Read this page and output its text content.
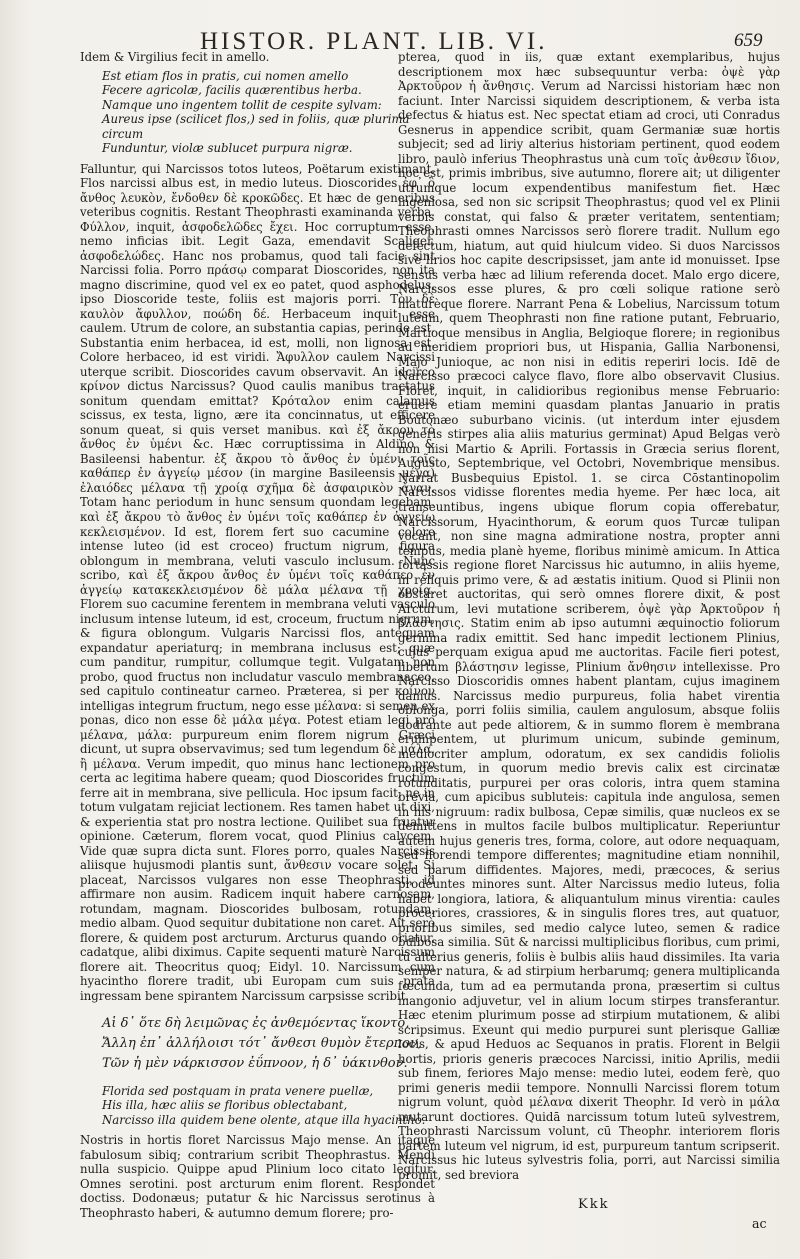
HISTOR. PLANT. LIB. VI.	659

Idem & Virgilius fecit in amello.

Est etiam flos in pratis, cui nomen amello
Fecere agricolæ, facilis quærentibus herba.
Namque uno ingentem tollit de cespite sylvam:
Aureus ipse (scilicet flos,) sed in foliis, quæ plurima circum
Funduntur, violæ sublucet purpura nigræ.

Falluntur, qui Narcissos totos luteos, Poëtarum existimant. Flos narcissi albus est, in medio luteus. Dioscorides ἐφ᾽ ὃ ἄνθος λευκὸν, ἔνδοθεν δὲ κροκῶδες. Et hæc de generibus veteribus cognitis. Restant Theophrasti examinanda verba. Φύλλον, inquit, ἀσφοδελῶδες ἔχει. Hoc corruptum esse, nemo inficias ibit. Legit Gaza, emendavit Scaliger, ἀσφοδελώδες. Hanc nos probamus, quod tali facie sint Narcissi folia. Porro πράσῳ comparat Dioscorides, non ita magno discrimine, quod vel ex eo patet, quod asphodelus, ipso Dioscoride teste, foliis est majoris porri. Τὸν δὲ καυλὸν ἄφυλλον, ποώδη δέ. Herbaceum inquit esse caulem. Utrum de colore, an substantia capias, perinde est. Substantia enim herbacea, id est, molli, non lignosa est. Colore herbaceo, id est viridi. Ἄφυλλον caulem Narcissi uterque scribit. Dioscorides cavum observavit. An idcirco κρίνον dictus Narcissus? Quod caulis manibus tractatus sonitum quendam emittat? Κρόταλον enim calamus scissus, ex testa, ligno, ære ita concinnatus, ut efficere sonum queat, si quis verset manibus. καὶ ἐξ ἄκρου τὸ ἄνθος ἐν ὑμένι &c. Hæc corruptissima in Aldino & Basileensi habentur. ἐξ ἄκρου τὸ ἄνθος ἐν ὑμένι τοῖς καθάπερ ἐν ἀγγείῳ μέσον (in margine Basileensis μέγα) ἐλαιόδες μέλανα τῇ χροίᾳ σχῆμα δὲ ἀσφαιρικὸν ἄγαν. Totam hanc periodum in hunc sensum quondam legebam. καὶ ἐξ ἄκρου τὸ ἄνθος ἐν ὑμένι τοῖς καθάπερ ἐν ἀγγείῳ κεκλεισμένον. Id est, florem fert suo cacumine colore intense luteo (id est croceo) fructum nigrum, figura oblongum in membrana, veluti vasculo inclusum. Nunc scribo, καὶ ἐξ ἄκρου ἄνθος ἐν ὑμένι τοῖς καθάπερ ἐν ἀγγείῳ κατακεκλεισμένον δὲ μάλα μέλανα τῇ χροίᾳ. Florem suo cacumine ferentem in membrana veluti vasculo inclusum intense luteum, id est, croceum, fructum nigrum, & figura oblongum. Vulgaris Narcissi flos, antequam expandatur aperiaturq; in membrana inclusus est; quæ cum panditur, rumpitur, collumque tegit. Vulgatam non probo, quod fructus non includatur vasculo membranaceo, sed capitulo contineatur carneo. Præterea, si per κρίνον intelligas integrum fructum, nego esse μέλανα: si semen ex ponas, dico non esse δὲ μάλα μέγα. Potest etiam legi pro μέλανα, μάλα: purpureum enim florem nigrum Græci dicunt, ut supra observavimus; sed tum legendum δὲ μάλα. ἢ μέλανα. Verum impedit, quo minus hanc lectionem pro certa ac legitima habere queam; quod Dioscorides fructum ferre ait in membrana, sive pellicula. Hoc ipsum facit, ne in totum vulgatam rejiciat lectionem. Res tamen habet ut dixi, & experientia stat pro nostra lectione. Quilibet sua fruatur opinione. Cæterum, florem vocat, quod Plinius calycem. Vide quæ supra dicta sunt. Flores porro, quales Narcissis aliisque hujusmodi plantis sunt, ἄνθεσιν vocare solet. Si placeat, Narcissos vulgares non esse Theophrasti, id affirmare non ausim. Radicem inquit habere carnosam, rotundam, magnam. Dioscorides bulbosam, rotundam, medio albam. Quod sequitur dubitatione non caret. Ait serò florere, & quidem post arcturum. Arcturus quando oriatur, cadatque, alibi diximus. Capite sequenti maturè Narcissum florere ait. Theocritus quoq; Eidyl. 10. Narcissum cum hyacintho florere tradit, ubi Europam cum suis prata ingressam bene spirantem Narcissum carpsisse scribit.

Αἱ δ᾽ ὅτε δὴ λειμῶνας ἐς ἀνθεμόεντας ἵκοντο,
Ἄλλη ἐπ᾽ ἀλλήλοισι τότ᾽ ἄνθεσι θυμὸν ἔτερπον,
Τῶν ἡ μὲν νάρκισσον ἐΰπνοον, ἡ δ᾽ ὑάκινθον.
Florida sed postquam in prata venere puellæ,
His illa, hæc aliis se floribus oblectabant,
Narcisso illa quidem bene olente, atque illa hyacintho.

Nostris in hortis floret Narcissus Majo mense. An itaque fabulosum sibiq; contrarium scribit Theophrastus. Mendi nulla suspicio. Quippe apud Plinium loco citato legitur. Omnes serotini. post arcturum enim florent. Respondet doctiss. Dodonæus; putatur & hic Narcissus serotinus à Theophrasto haberi, & autumno demum florere; pro-

pterea, quod in iis, quæ extant exemplaribus, hujus descriptionem mox hæc subsequuntur verba: ὀψὲ γὰρ Ἀρκτοῦρον ἡ ἄνθησις. Verum ad Narcissi historiam hæc non faciunt. Inter Narcissi siquidem descriptionem, & verba ista defectus & hiatus est. Nec spectat etiam ad croci, uti Conradus Gesnerus in appendice scribit, quam Germaniæ suæ hortis subjecit; sed ad liriy alterius historiam pertinent, quod eodem libro, paulò inferius Theophrastus unà cum τοῖς ἀνθεσιν ἴδιον, hoc est, primis imbribus, sive autumno, florere ait; ut diligenter utrumque locum expendentibus manifestum fiet. Hæc ingeniosa, sed non sic scripsit Theophrastus; quod vel ex Plinii verbis constat, qui falso & præter veritatem, sententiam; Theophrasti omnes Narcissos serò florere tradit. Nullum ego defectum, hiatum, aut quid hiulcum video. Si duos Narcissos sive lirios hoc capite descripsisset, jam ante id monuisset. Ipse sensus verba hæc ad lilium referenda docet. Malo ergo dicere, Narcissos esse plures, & pro cœli solique ratione serò maturèque florere. Narrant Pena & Lobelius, Narcissum totum luteum, quem Theophrasti non fine ratione putant, Februario, Martioque mensibus in Anglia, Belgioque florere; in regionibus ad meridiem propriori bus, ut Hispania, Gallia Narbonensi, Majo Junioque, ac non nisi in editis reperiri locis. Idē de Narcisso præcoci calyce flavo, flore albo observavit Clusius. Floret, inquit, in calidioribus regionibus mense Februario: eruere etiam memini quasdam plantas Januario in pratis Boutonæo suburbano vicinis. (ut interdum inter ejusdem generis stirpes alia aliis maturius germinat) Apud Belgas verò non nisi Martio & Aprili. Fortassis in Græcia serius florent, Augusto, Septembrique, vel Octobri, Novembrique mensibus. Narrat Busbequius Epistol. 1. se circa Cōstantinopolim Narcissos vidisse florentes media hyeme. Per hæc loca, ait transeuntibus, ingens ubique florum copia offerebatur, Narcissorum, Hyacinthorum, & eorum quos Turcæ tulipan vocant, non sine magna admiratione nostra, propter anni tempus, media planè hyeme, floribus minimè amicum. In Attica fortassis regione floret Narcissus hic autumno, in aliis hyeme, in reliquis primo vere, & ad æstatis initium. Quod si Plinii non obstaret auctoritas, qui serò omnes florere dixit, & post Arcturum, levi mutatione scriberem, ὀψὲ γὰρ Ἀρκτοῦρον ἡ βλάστησις. Statim enim ab ipso autumni æquinoctio foliorum germina radix emittit. Sed hanc impedit lectionem Plinius, cujus perquam exigua apud me auctoritas. Facile fieri potest, libertum βλάστησιν legisse, Plinium ἄνθησιν intellexisse. Pro Narcisso Dioscoridis omnes habent plantam, cujus imaginem damus. Narcissus medio purpureus, folia habet virentia oblonga, porri foliis similia, caulem angulosum, absque foliis dodrante aut pede altiorem, & in summo florem è membrana erumpentem, ut plurimum unicum, subinde geminum, mediocriter amplum, odoratum, ex sex candidis foliolis congestum, in quorum medio brevis calix est circinatæ rotunditatis, purpurei per oras coloris, intra quem stamina brevia, cum apicibus subluteis: capitula inde angulosa, semen in his nigruum: radix bulbosa, Cepæ similis, quæ nucleos ex se demittens in multos facile bulbos multiplicatur. Reperiuntur autem hujus generis tres, forma, colore, aut odore nequaquam, sed florendi tempore differentes; magnitudine etiam nonnihil, sed parum diffidentes. Majores, medi, præcoces, & serius prodeuntes minores sunt. Alter Narcissus medio luteus, folia habet longiora, latiora, & aliquantulum minus virentia: caules proceriores, crassiores, & in singulis flores tres, aut quatuor, prioribus similes, sed medio calyce luteo, semen & radice bulbosa similia. Sūt & narcissi multiplicibus floribus, cum primi, tū alterius generis, foliis è bulbis aliis haud dissimiles. Ita varia semper natura, & ad stirpium herbarumq; genera multiplicanda fœcunda, tum ad ea permutanda prona, præsertim si cultus mangonio adjuvetur, vel in alium locum stirpes transferantur. Hæc etenim plurimum posse ad stirpium mutationem, & alibi scripsimus. Exeunt qui medio purpurei sunt plerisque Galliæ locis, & apud Heduos ac Sequanos in pratis. Florent in Belgii hortis, prioris generis præcoces Narcissi, initio Aprilis, medii sub finem, feriores Majo mense: medio lutei, eodem ferè, quo primi generis medii tempore. Nonnulli Narcissi florem totum nigrum volunt, quòd μέλανα dixerit Theophr. Id verò in μάλα mutarunt doctiores. Quidā narcissum totum luteū sylvestrem, Theophrasti Narcissum volunt, cū Theophr. interiorem floris partem luteum vel nigrum, id est, purpureum tantum scripserit. Narcissus hic luteus sylvestris folia, porri, aut Narcissi similia promit, sed breviora

Kkk
ac
